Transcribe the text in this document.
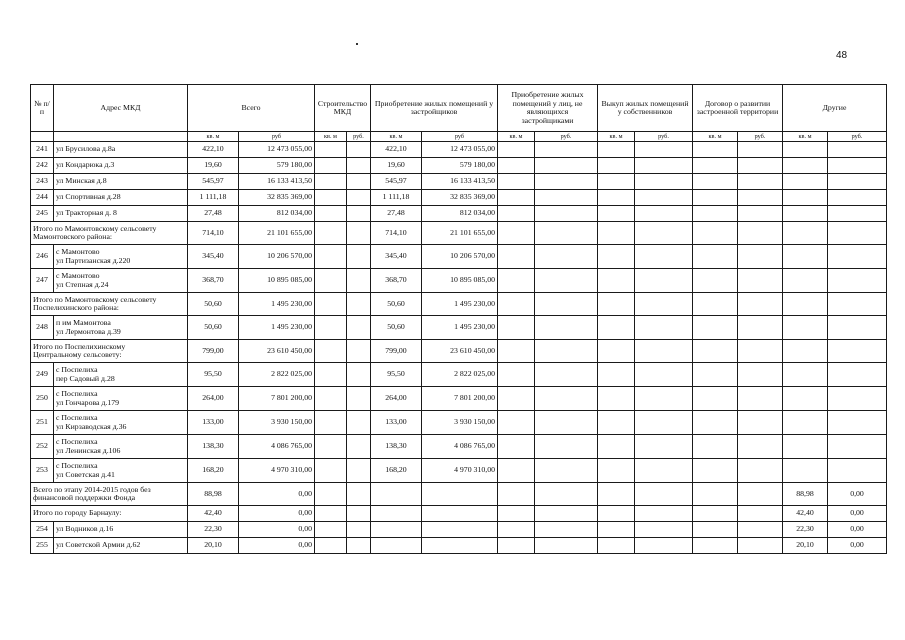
48
№ п/п	Адрес МКД	Всего		Строительство МКД		Приобретение жилых помещений у застройщиков		Приобретение жилых помещений у лиц, не являющихся застройщиками		Выкуп жилых помещений у собственников		Договор о развитии застроенной территории		Другие	
		кв. м	руб	кв. м	руб.	кв. м	руб	кв. м	руб.	кв. м	руб.	кв. м	руб.	кв. м	руб.
241	ул Брусилова д.8а	422,10	12 473 055,00			422,10	12 473 055,00								
242	ул Кондарюка д.3	19,60	579 180,00			19,60	579 180,00								
243	ул Минская д.8	545,97	16 133 413,50			545,97	16 133 413,50								
244	ул Спортивная д.28	1 111,18	32 835 369,00			1 111,18	32 835 369,00								
245	ул Тракторная д. 8	27,48	812 034,00			27,48	812 034,00								

Итого по Мамонтовскому сельсовету
Мамонтовского района:		714,10	21 101 655,00			714,10	21 101 655,00								
246	с Мамонтово
ул Партизанская д.220	345,40	10 206 570,00			345,40	10 206 570,00								
247	с Мамонтово
ул Степная д.24	368,70	10 895 085,00			368,70	10 895 085,00								

Итого по Мамонтовскому сельсовету
Поспелихинского района:		50,60	1 495 230,00			50,60	1 495 230,00								
248	п им Мамонтова
ул Лермонтова д.39	50,60	1 495 230,00			50,60	1 495 230,00								

Итого по Поспелихинскому
Центральному сельсовету:		799,00	23 610 450,00			799,00	23 610 450,00								
249	с Поспелиха
пер Садовый д.28	95,50	2 822 025,00			95,50	2 822 025,00								
250	с Поспелиха
ул Гончарова д.179	264,00	7 801 200,00			264,00	7 801 200,00								
251	с Поспелиха
ул Кирзаводская д.36	133,00	3 930 150,00			133,00	3 930 150,00								
252	с Поспелиха
ул Ленинская д.106	138,30	4 086 765,00			138,30	4 086 765,00								
253	с Поспелиха
ул Советская д.41	168,20	4 970 310,00			168,20	4 970 310,00								

Всего по этапу 2014-2015 годов без
финансовой поддержки Фонда		88,98	0,00											88,98	0,00

Итого по городу Барнаулу:		42,40	0,00											42,40	0,00
254	ул Водников д.16	22,30	0,00											22,30	0,00
255	ул Советской Армии д.62	20,10	0,00											20,10	0,00
